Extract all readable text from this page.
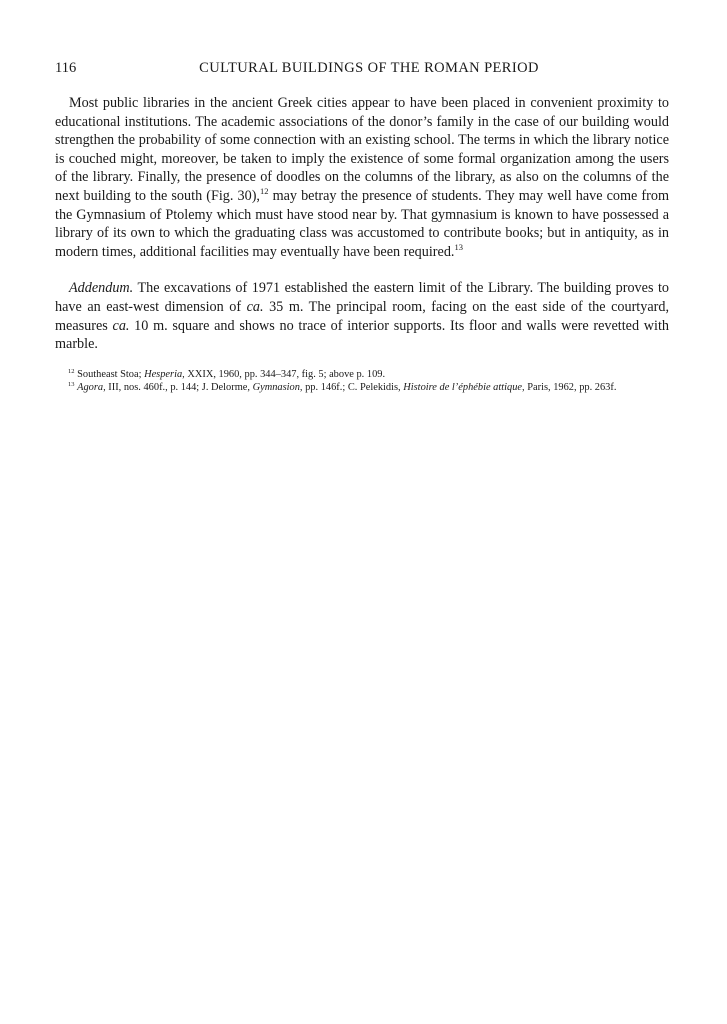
116	CULTURAL BUILDINGS OF THE ROMAN PERIOD

Most public libraries in the ancient Greek cities appear to have been placed in convenient proximity to educational institutions. The academic associations of the donor’s family in the case of our building would strengthen the probability of some connection with an existing school. The terms in which the library notice is couched might, moreover, be taken to imply the existence of some formal organization among the users of the library. Finally, the presence of doodles on the columns of the library, as also on the columns of the next building to the south (Fig. 30),$^{12}$ may betray the presence of students. They may well have come from the Gymnasium of Ptolemy which must have stood near by. That gymnasium is known to have possessed a library of its own to which the graduating class was accustomed to contribute books; but in antiquity, as in modern times, additional facilities may eventually have been required.$^{13}$

Addendum. The excavations of 1971 established the eastern limit of the Library. The building proves to have an east-west dimension of ca. 35 m. The principal room, facing on the east side of the courtyard, measures ca. 10 m. square and shows no trace of interior supports. Its floor and walls were revetted with marble.

$^{12}$ Southeast Stoa; Hesperia, XXIX, 1960, pp. 344–347, fig. 5; above p. 109.

$^{13}$ Agora, III, nos. 460f., p. 144; J. Delorme, Gymnasion, pp. 146f.; C. Pelekidis, Histoire de l’éphébie attique, Paris, 1962, pp. 263f.
